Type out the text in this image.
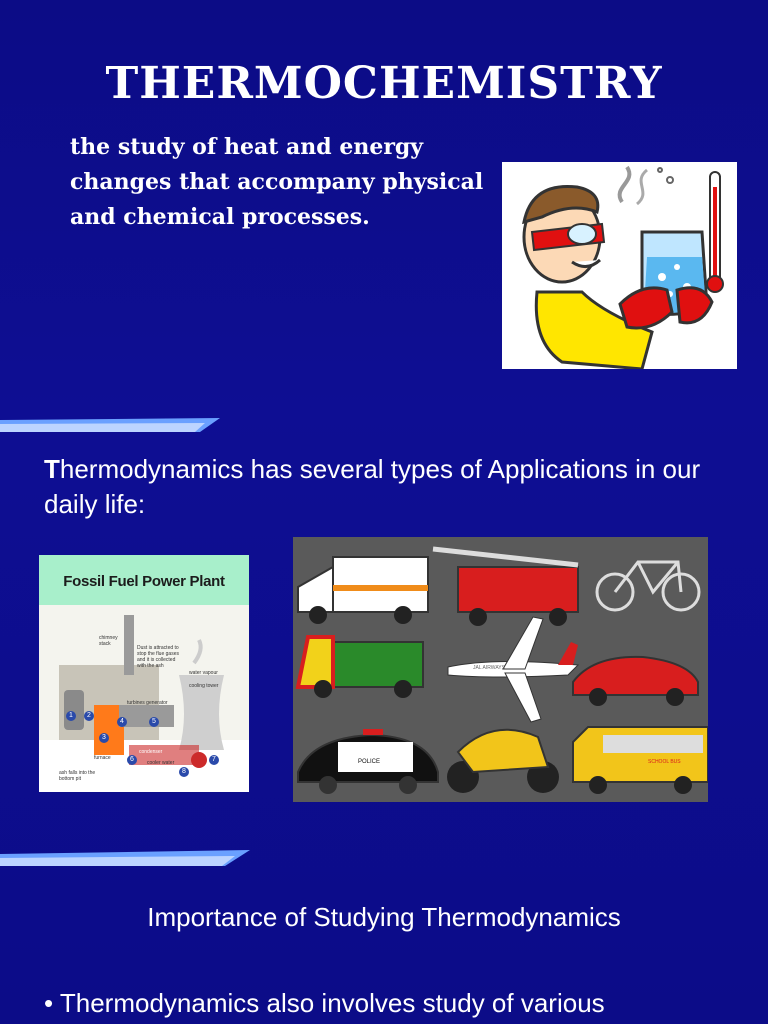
THERMOCHEMISTRY
the study of heat and energy changes that accompany physical and chemical processes.
Thermodynamics has several types of Applications in our daily life:
Fossil Fuel Power Plant
chimney stack
Dust is attracted to stop the flue gases and it is collected with the ash
water vapour
cooling tower
turbines generator
warmer water
condenser
cooler water
furnace
ash falls into the bottom pit
1	2
3
4	5
6	7
8
JAL AIRWAYS
POLICE	SCHOOL BUS
Importance of Studying Thermodynamics
• Thermodynamics also involves study of various
